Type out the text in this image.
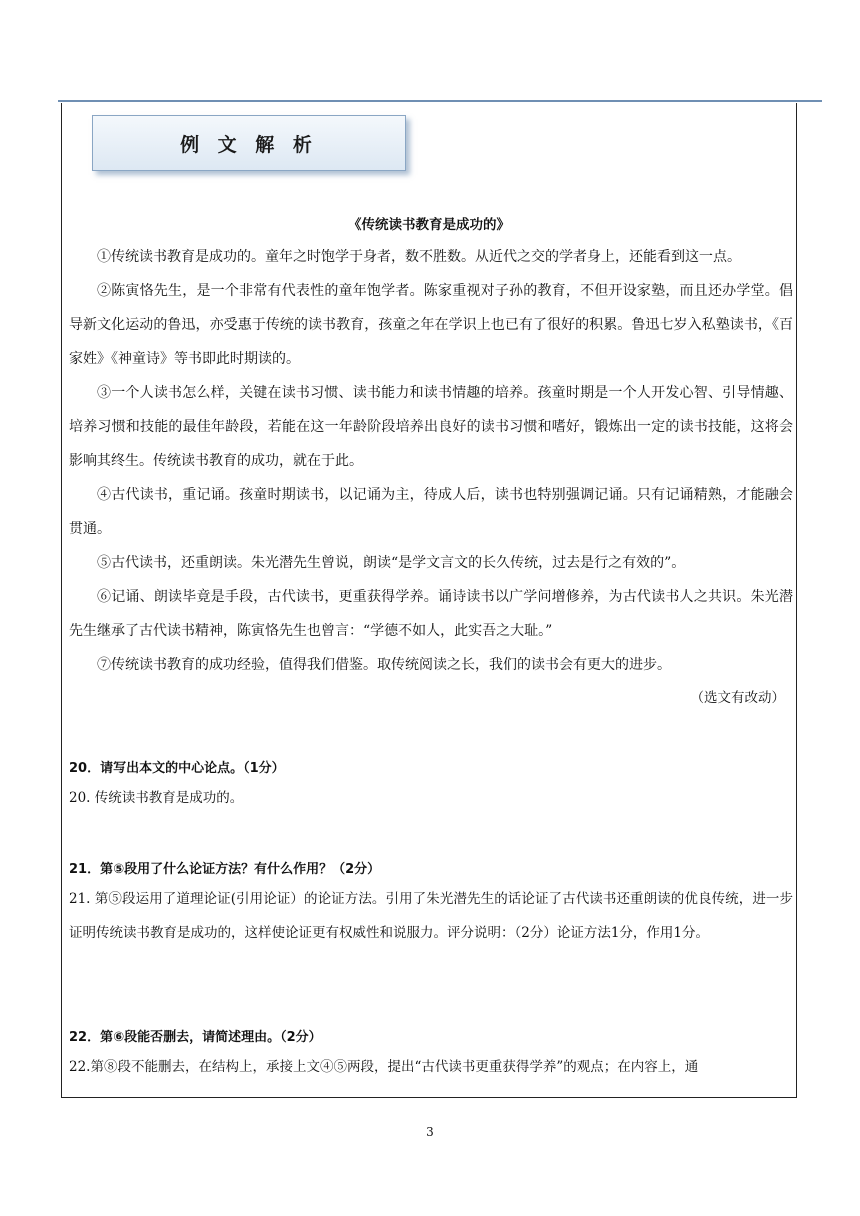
例 文 解 析
《传统读书教育是成功的》
①传统读书教育是成功的。童年之时饱学于身者，数不胜数。从近代之交的学者身上，还能看到这一点。
②陈寅恪先生，是一个非常有代表性的童年饱学者。陈家重视对子孙的教育，不但开设家塾，而且还办学堂。倡导新文化运动的鲁迅，亦受惠于传统的读书教育，孩童之年在学识上也已有了很好的积累。鲁迅七岁入私塾读书，《百家姓》《神童诗》等书即此时期读的。
③一个人读书怎么样，关键在读书习惯、读书能力和读书情趣的培养。孩童时期是一个人开发心智、引导情趣、培养习惯和技能的最佳年龄段，若能在这一年龄阶段培养出良好的读书习惯和嗜好，锻炼出一定的读书技能，这将会影响其终生。传统读书教育的成功，就在于此。
④古代读书，重记诵。孩童时期读书，以记诵为主，待成人后，读书也特别强调记诵。只有记诵精熟，才能融会贯通。
⑤古代读书，还重朗读。朱光潜先生曾说，朗读“是学文言文的长久传统，过去是行之有效的”。
⑥记诵、朗读毕竟是手段，古代读书，更重获得学养。诵诗读书以广学问增修养，为古代读书人之共识。朱光潜先生继承了古代读书精神，陈寅恪先生也曾言：“学德不如人，此实吾之大耻。”
⑦传统读书教育的成功经验，值得我们借鉴。取传统阅读之长，我们的读书会有更大的进步。
（选文有改动）
20．请写出本文的中心论点。（1分）
20. 传统读书教育是成功的。
21．第⑤段用了什么论证方法？有什么作用？（2分）
21. 第⑤段运用了道理论证(引用论证）的论证方法。引用了朱光潜先生的话论证了古代读书还重朗读的优良传统，进一步证明传统读书教育是成功的，这样使论证更有权威性和说服力。评分说明：（2分）论证方法1分，作用1分。
22．第⑥段能否删去，请简述理由。（2分）
22.第⑧段不能删去，在结构上，承接上文④⑤两段，提出“古代读书更重获得学养”的观点；在内容上，通
3
